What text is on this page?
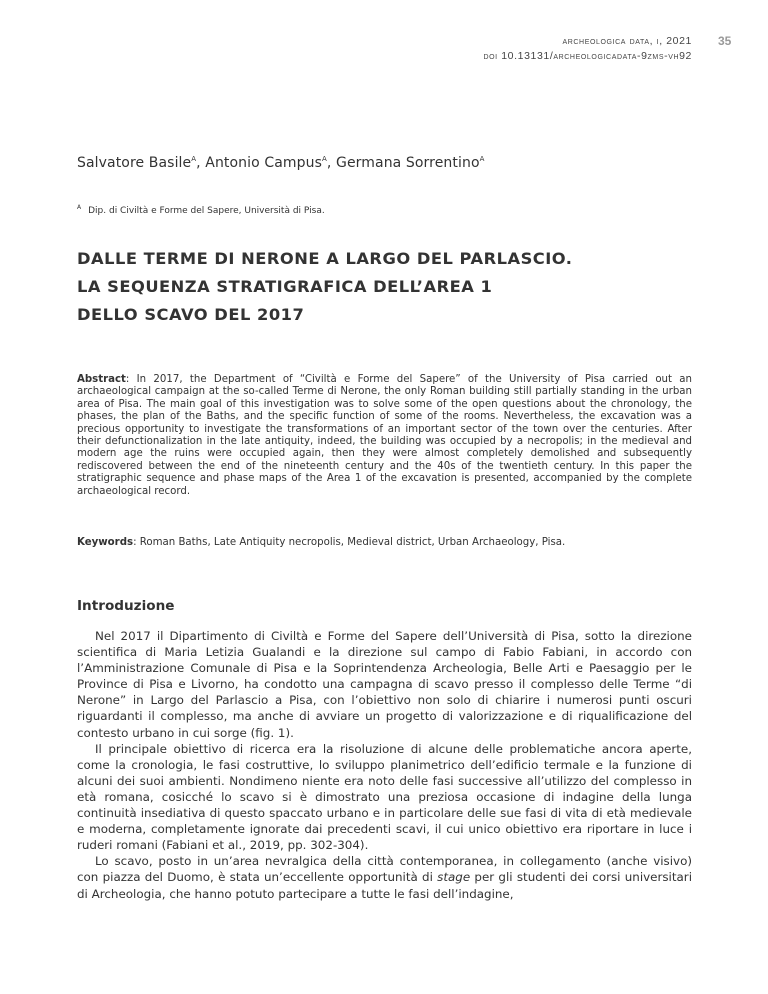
archeologica data, i, 2021
doi 10.13131/archeologicadata-9zms-vh92
35
Salvatore Basile$^A$, Antonio Campus$^A$, Germana Sorrentino$^A$
$^A$ Dip. di Civiltà e Forme del Sapere, Università di Pisa.
DALLE TERME DI NERONE A LARGO DEL PARLASCIO.
LA SEQUENZA STRATIGRAFICA DELL’AREA 1
DELLO SCAVO DEL 2017
Abstract: In 2017, the Department of “Civiltà e Forme del Sapere” of the University of Pisa carried out an archaeological campaign at the so-called Terme di Nerone, the only Roman building still partially standing in the urban area of Pisa. The main goal of this investigation was to solve some of the open questions about the chronology, the phases, the plan of the Baths, and the specific function of some of the rooms. Nevertheless, the excavation was a precious opportunity to investigate the transformations of an important sector of the town over the centuries. After their defunctionalization in the late antiquity, indeed, the building was occupied by a necropolis; in the medieval and modern age the ruins were occupied again, then they were almost completely demolished and subsequently rediscovered between the end of the nineteenth century and the 40s of the twentieth century. In this paper the stratigraphic sequence and phase maps of the Area 1 of the excavation is presented, accompanied by the complete archaeological record.
Keywords: Roman Baths, Late Antiquity necropolis, Medieval district, Urban Archaeology, Pisa.
Introduzione

Nel 2017 il Dipartimento di Civiltà e Forme del Sapere dell’Università di Pisa, sotto la direzione scientifica di Maria Letizia Gualandi e la direzione sul campo di Fabio Fabiani, in accordo con l’Amministrazione Comunale di Pisa e la Soprintendenza Archeologia, Belle Arti e Paesaggio per le Province di Pisa e Livorno, ha condotto una campagna di scavo presso il complesso delle Terme “di Nerone” in Largo del Parlascio a Pisa, con l’obiettivo non solo di chiarire i numerosi punti oscuri riguardanti il complesso, ma anche di avviare un progetto di valorizzazione e di riqualificazione del contesto urbano in cui sorge (fig. 1).

Il principale obiettivo di ricerca era la risoluzione di alcune delle problematiche ancora aperte, come la cronologia, le fasi costruttive, lo sviluppo planimetrico dell’edificio termale e la funzione di alcuni dei suoi ambienti. Nondimeno niente era noto delle fasi successive all’utilizzo del complesso in età romana, cosicché lo scavo si è dimostrato una preziosa occasione di indagine della lunga continuità insediativa di questo spaccato urbano e in particolare delle sue fasi di vita di età medievale e moderna, completamente ignorate dai precedenti scavi, il cui unico obiettivo era riportare in luce i ruderi romani (Fabiani et al., 2019, pp. 302-304).

Lo scavo, posto in un’area nevralgica della città contemporanea, in collegamento (anche visivo) con piazza del Duomo, è stata un’eccellente opportunità di stage per gli studenti dei corsi universitari di Archeologia, che hanno potuto partecipare a tutte le fasi dell’indagine,
